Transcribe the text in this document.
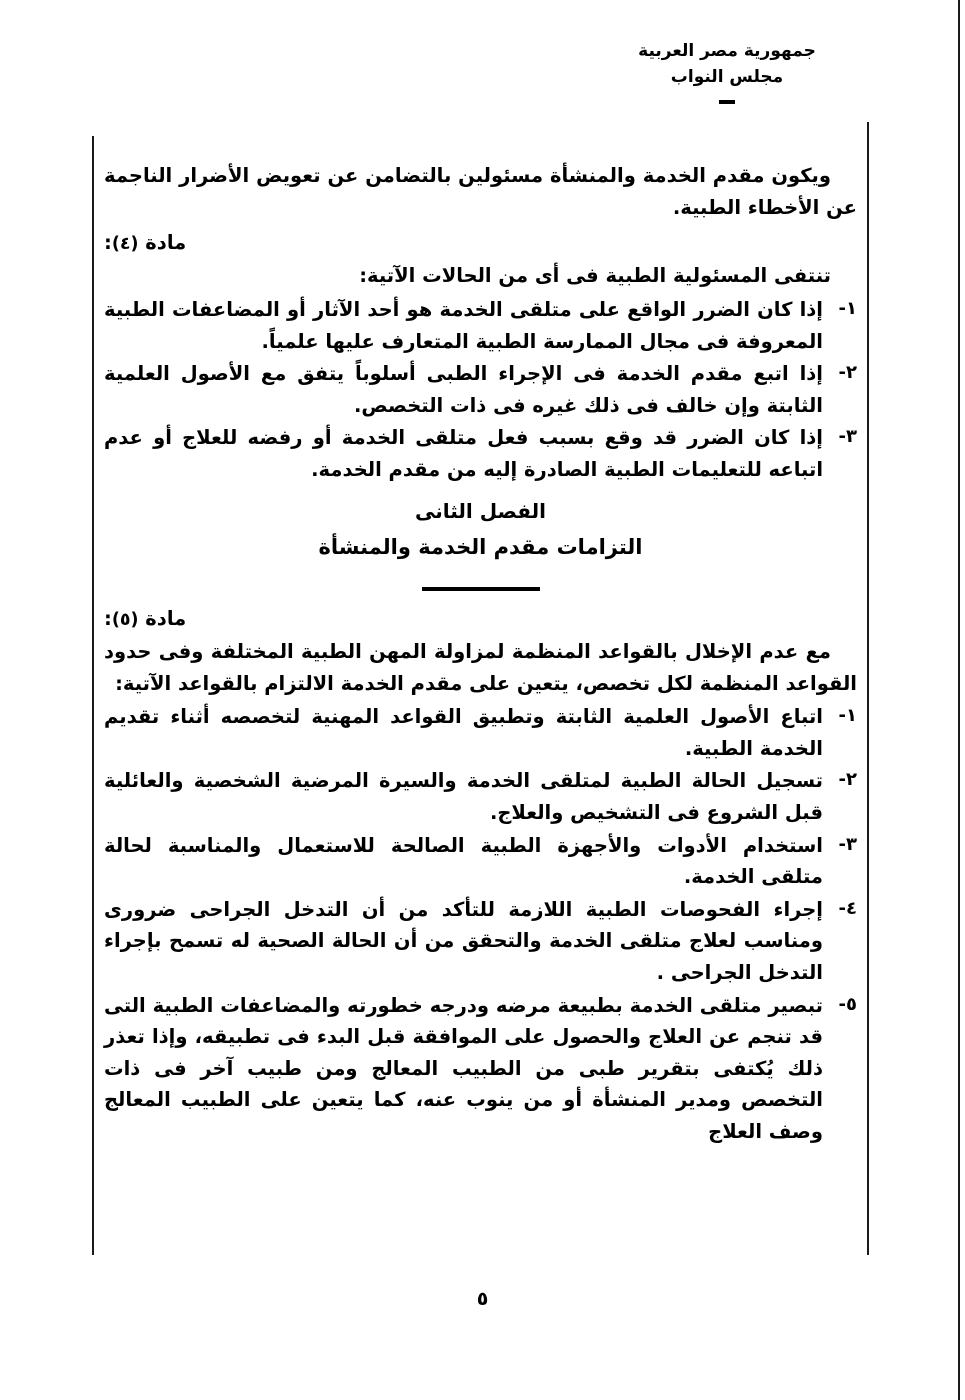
جمهورية مصر العربية
مجلس النواب

ويكون مقدم الخدمة والمنشأة مسئولين بالتضامن عن تعويض الأضرار الناجمة عن الأخطاء الطبية.

مادة (٤):

تنتفى المسئولية الطبية فى أى من الحالات الآتية:

١-
إذا كان الضرر الواقع على متلقى الخدمة هو أحد الآثار أو المضاعفات الطبية المعروفة فى مجال الممارسة الطبية المتعارف عليها علمياً.
٢-
إذا اتبع مقدم الخدمة فى الإجراء الطبى أسلوباً يتفق مع الأصول العلمية الثابتة وإن خالف فى ذلك غيره فى ذات التخصص.
٣-
إذا كان الضرر قد وقع بسبب فعل متلقى الخدمة أو رفضه للعلاج أو عدم اتباعه للتعليمات الطبية الصادرة إليه من مقدم الخدمة.
الفصل الثانى
التزامات مقدم الخدمة والمنشأة
مادة (٥):

مع عدم الإخلال بالقواعد المنظمة لمزاولة المهن الطبية المختلفة وفى حدود القواعد المنظمة لكل تخصص، يتعين على مقدم الخدمة الالتزام بالقواعد الآتية:

١-
اتباع الأصول العلمية الثابتة وتطبيق القواعد المهنية لتخصصه أثناء تقديم الخدمة الطبية.
٢-
تسجيل الحالة الطبية لمتلقى الخدمة والسيرة المرضية الشخصية والعائلية قبل الشروع فى التشخيص والعلاج.
٣-
استخدام الأدوات والأجهزة الطبية الصالحة للاستعمال والمناسبة لحالة متلقى الخدمة.
٤-
إجراء الفحوصات الطبية اللازمة للتأكد من أن التدخل الجراحى ضرورى ومناسب لعلاج متلقى الخدمة والتحقق من أن الحالة الصحية له تسمح بإجراء التدخل الجراحى .
٥-
تبصير متلقى الخدمة بطبيعة مرضه ودرجه خطورته والمضاعفات الطبية التى قد تنجم عن العلاج والحصول على الموافقة قبل البدء فى تطبيقه، وإذا تعذر ذلك يُكتفى بتقرير طبى من الطبيب المعالج ومن طبيب آخر فى ذات التخصص ومدير المنشأة أو من ينوب عنه، كما يتعين على الطبيب المعالج وصف العلاج
٥
